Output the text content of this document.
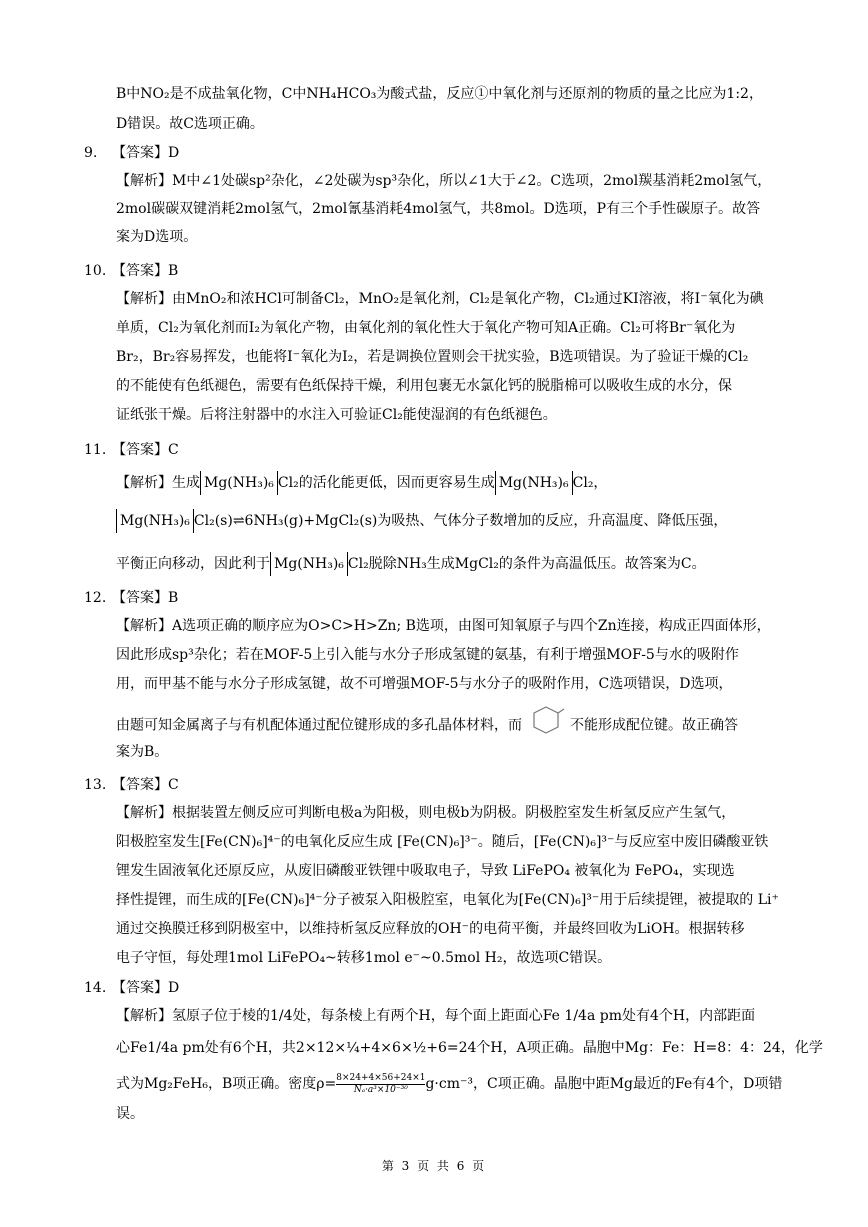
B中NO₂是不成盐氧化物，C中NH₄HCO₃为酸式盐，反应①中氧化剂与还原剂的物质的量之比应为1:2，
D错误。故C选项正确。
9. 【答案】D
【解析】M中∠1处碳sp²杂化，∠2处碳为sp³杂化，所以∠1大于∠2。C选项，2mol羰基消耗2mol氢气，
2mol碳碳双键消耗2mol氢气，2mol氰基消耗4mol氢气，共8mol。D选项，P有三个手性碳原子。故答
案为D选项。
10. 【答案】B
【解析】由MnO₂和浓HCl可制备Cl₂，MnO₂是氧化剂，Cl₂是氧化产物，Cl₂通过KI溶液，将I⁻氧化为碘
单质，Cl₂为氧化剂而I₂为氧化产物，由氧化剂的氧化性大于氧化产物可知A正确。Cl₂可将Br⁻氧化为
Br₂，Br₂容易挥发，也能将I⁻氧化为I₂，若是调换位置则会干扰实验，B选项错误。为了验证干燥的Cl₂
的不能使有色纸褪色，需要有色纸保持干燥，利用包裹无水氯化钙的脱脂棉可以吸收生成的水分，保
证纸张干燥。后将注射器中的水注入可验证Cl₂能使湿润的有色纸褪色。
11. 【答案】C
【解析】生成 Mg(NH₃)₆ Cl₂的活化能更低，因而更容易生成 Mg(NH₃)₆ Cl₂，
Mg(NH₃)₆ Cl₂(s)⇌6NH₃(g)+MgCl₂(s)为吸热、气体分子数增加的反应，升高温度、降低压强，
平衡正向移动，因此利于 Mg(NH₃)₆ Cl₂脱除NH₃生成MgCl₂的条件为高温低压。故答案为C。
12. 【答案】B
【解析】A选项正确的顺序应为O>C>H>Zn; B选项，由图可知氧原子与四个Zn连接，构成正四面体形，
因此形成sp³杂化；若在MOF-5上引入能与水分子形成氢键的氨基，有利于增强MOF-5与水的吸附作
用，而甲基不能与水分子形成氢键，故不可增强MOF-5与水分子的吸附作用，C选项错误，D选项，
由题可知金属离子与有机配体通过配位键形成的多孔晶体材料，而	不能形成配位键。故正确答
案为B。
13. 【答案】C
【解析】根据装置左侧反应可判断电极a为阳极，则电极b为阴极。阴极腔室发生析氢反应产生氢气，
阳极腔室发生[Fe(CN)₆]⁴⁻的电氧化反应生成 [Fe(CN)₆]³⁻。随后，[Fe(CN)₆]³⁻与反应室中废旧磷酸亚铁
锂发生固液氧化还原反应，从废旧磷酸亚铁锂中吸取电子，导致 LiFePO₄ 被氧化为 FePO₄，实现选
择性提锂，而生成的[Fe(CN)₆]⁴⁻分子被泵入阳极腔室，电氧化为[Fe(CN)₆]³⁻用于后续提锂，被提取的 Li⁺
通过交换膜迁移到阴极室中，以维持析氢反应释放的OH⁻的电荷平衡，并最终回收为LiOH。根据转移
电子守恒，每处理1mol LiFePO₄~转移1mol e⁻~0.5mol H₂，故选项C错误。
14. 【答案】D
【解析】氢原子位于棱的1/4处，每条棱上有两个H，每个面上距面心Fe 1/4a pm处有4个H，内部距面
心Fe1/4a pm处有6个H，共2×12×¼+4×6×½+6=24个H，A项正确。晶胞中Mg：Fe：H=8：4：24，化学
式为Mg₂FeH₆，B项正确。密度$\rho= \frac{8\times 24+4\times 56+24\times 1}{\text{Nₐ·a³×10⁻³⁰}} g\cdot cm^{-3}$，C项正确。晶胞中距Mg最近的Fe有4个，D项错
误。
第 3 页 共 6 页
